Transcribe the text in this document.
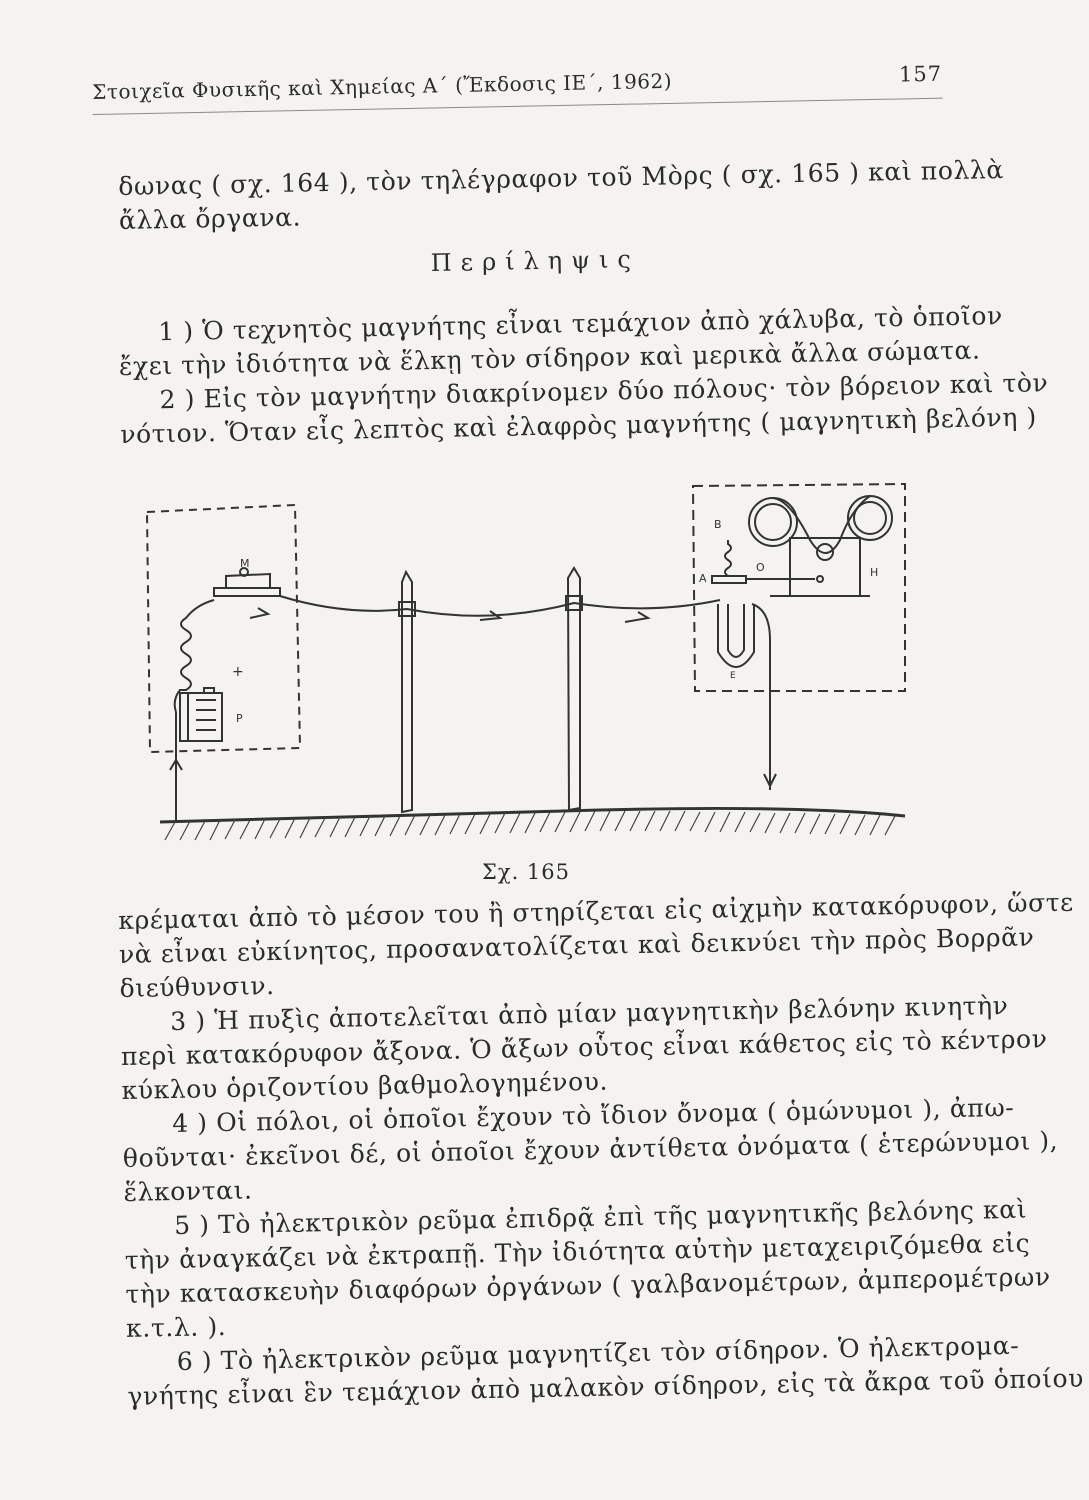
Στοιχεῖα Φυσικῆς καὶ Χημείας Α΄ (Ἔκδοσις ΙΕ΄, 1962)	157
δωνας ( σχ. 164 ), τὸν τηλέγραφον τοῦ Μὸρς ( σχ. 165 ) καὶ πολλὰ
ἄλλα ὄργανα.
Περίληψις
1 ) Ὁ τεχνητὸς μαγνήτης εἶναι τεμάχιον ἀπὸ χάλυβα, τὸ ὁποῖον
ἔχει τὴν ἰδιότητα νὰ ἕλκῃ τὸν σίδηρον καὶ μερικὰ ἄλλα σώματα.
2 ) Εἰς τὸν μαγνήτην διακρίνομεν δύο πόλους· τὸν βόρειον καὶ τὸν
νότιον. Ὅταν εἷς λεπτὸς καὶ ἐλαφρὸς μαγνήτης ( μαγνητικὴ βελόνη )
Μ
+
Ρ
Β
Α
Ο	Η
Ε
Σχ. 165
κρέμαται ἀπὸ τὸ μέσον του ἢ στηρίζεται εἰς αἰχμὴν κατακόρυφον, ὥστε
νὰ εἶναι εὐκίνητος, προσανατολίζεται καὶ δεικνύει τὴν πρὸς Βορρᾶν
διεύθυνσιν.
3 ) Ἡ πυξὶς ἀποτελεῖται ἀπὸ μίαν μαγνητικὴν βελόνην κινητὴν
περὶ κατακόρυφον ἄξονα. Ὁ ἄξων οὗτος εἶναι κάθετος εἰς τὸ κέντρον
κύκλου ὁριζοντίου βαθμολογημένου.
4 ) Οἱ πόλοι, οἱ ὁποῖοι ἔχουν τὸ ἴδιον ὄνομα ( ὁμώνυμοι ), ἀπω-
θοῦνται· ἐκεῖνοι δέ, οἱ ὁποῖοι ἔχουν ἀντίθετα ὀνόματα ( ἑτερώνυμοι ),
ἕλκονται.
5 ) Τὸ ἠλεκτρικὸν ρεῦμα ἐπιδρᾷ ἐπὶ τῆς μαγνητικῆς βελόνης καὶ
τὴν ἀναγκάζει νὰ ἐκτραπῇ. Τὴν ἰδιότητα αὐτὴν μεταχειριζόμεθα εἰς
τὴν κατασκευὴν διαφόρων ὀργάνων ( γαλβανομέτρων, ἀμπερομέτρων
κ.τ.λ. ).
6 ) Τὸ ἠλεκτρικὸν ρεῦμα μαγνητίζει τὸν σίδηρον. Ὁ ἠλεκτρομα-
γνήτης εἶναι ἓν τεμάχιον ἀπὸ μαλακὸν σίδηρον, εἰς τὰ ἄκρα τοῦ ὁποίου
